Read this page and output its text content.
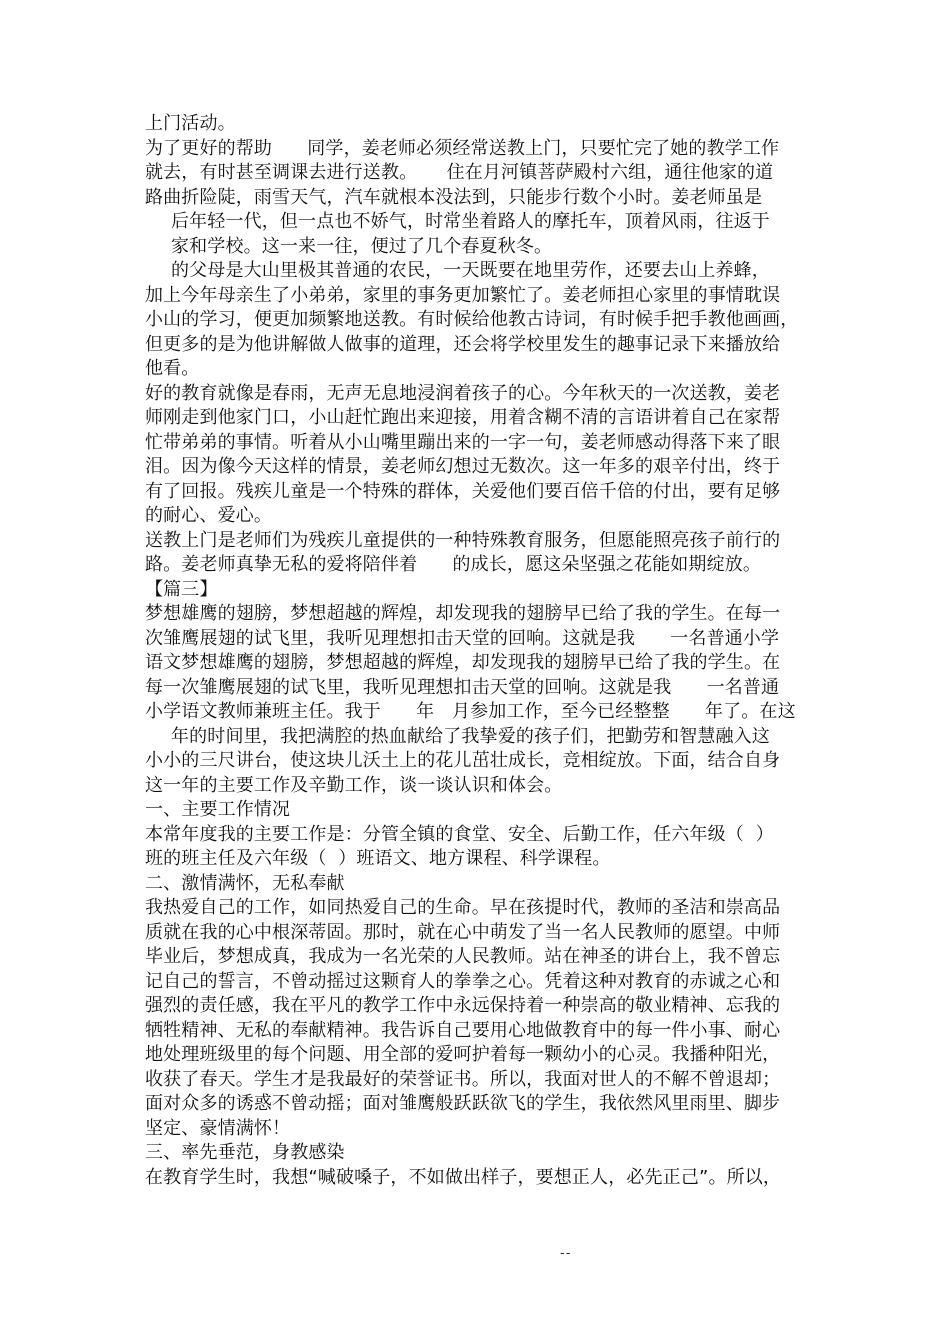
上门活动。
为了更好的帮助      同学，姜老师必须经常送教上门，只要忙完了她的教学工作
就去，有时甚至调课去进行送教。     住在月河镇菩萨殿村六组，通往他家的道
路曲折险陡，雨雪天气，汽车就根本没法到，只能步行数个小时。姜老师虽是
后年轻一代，但一点也不娇气，时常坐着路人的摩托车，顶着风雨，往返于
家和学校。这一来一往，便过了几个春夏秋冬。
的父母是大山里极其普通的农民，一天既要在地里劳作，还要去山上养蜂，
加上今年母亲生了小弟弟，家里的事务更加繁忙了。姜老师担心家里的事情耽误
小山的学习，便更加频繁地送教。有时候给他教古诗词，有时候手把手教他画画，
但更多的是为他讲解做人做事的道理，还会将学校里发生的趣事记录下来播放给
他看。
好的教育就像是春雨，无声无息地浸润着孩子的心。今年秋天的一次送教，姜老
师刚走到他家门口，小山赶忙跑出来迎接，用着含糊不清的言语讲着自己在家帮
忙带弟弟的事情。听着从小山嘴里蹦出来的一字一句，姜老师感动得落下来了眼
泪。因为像今天这样的情景，姜老师幻想过无数次。这一年多的艰辛付出，终于
有了回报。残疾儿童是一个特殊的群体，关爱他们要百倍千倍的付出，要有足够
的耐心、爱心。
送教上门是老师们为残疾儿童提供的一种特殊教育服务，但愿能照亮孩子前行的
路。姜老师真挚无私的爱将陪伴着      的成长，愿这朵坚强之花能如期绽放。
【篇三】
梦想雄鹰的翅膀，梦想超越的辉煌，却发现我的翅膀早已给了我的学生。在每一
次雏鹰展翅的试飞里，我听见理想扣击天堂的回响。这就是我      一名普通小学
语文梦想雄鹰的翅膀，梦想超越的辉煌，却发现我的翅膀早已给了我的学生。在
每一次雏鹰展翅的试飞里，我听见理想扣击天堂的回响。这就是我      一名普通
小学语文教师兼班主任。我于      年   月参加工作，至今已经整整      年了。在这
年的时间里，我把满腔的热血献给了我挚爱的孩子们，把勤劳和智慧融入这
小小的三尺讲台，使这块儿沃土上的花儿茁壮成长，竞相绽放。下面，结合自身
这一年的主要工作及辛勤工作，谈一谈认识和体会。
一、主要工作情况
本常年度我的主要工作是：分管全镇的食堂、安全、后勤工作，任六年级（  ）
班的班主任及六年级（  ）班语文、地方课程、科学课程。
二、激情满怀，无私奉献
我热爱自己的工作，如同热爱自己的生命。早在孩提时代，教师的圣洁和崇高品
质就在我的心中根深蒂固。那时，就在心中萌发了当一名人民教师的愿望。中师
毕业后，梦想成真，我成为一名光荣的人民教师。站在神圣的讲台上，我不曾忘
记自己的誓言，不曾动摇过这颗育人的拳拳之心。凭着这种对教育的赤诚之心和
强烈的责任感，我在平凡的教学工作中永远保持着一种崇高的敬业精神、忘我的
牺牲精神、无私的奉献精神。我告诉自己要用心地做教育中的每一件小事、耐心
地处理班级里的每个问题、用全部的爱呵护着每一颗幼小的心灵。我播种阳光，
收获了春天。学生才是我最好的荣誉证书。所以，我面对世人的不解不曾退却；
面对众多的诱惑不曾动摇；面对雏鹰般跃跃欲飞的学生，我依然风里雨里、脚步
坚定、豪情满怀！
三、率先垂范，身教感染
在教育学生时，我想“喊破嗓子，不如做出样子，要想正人，必先正己”。所以，
--
